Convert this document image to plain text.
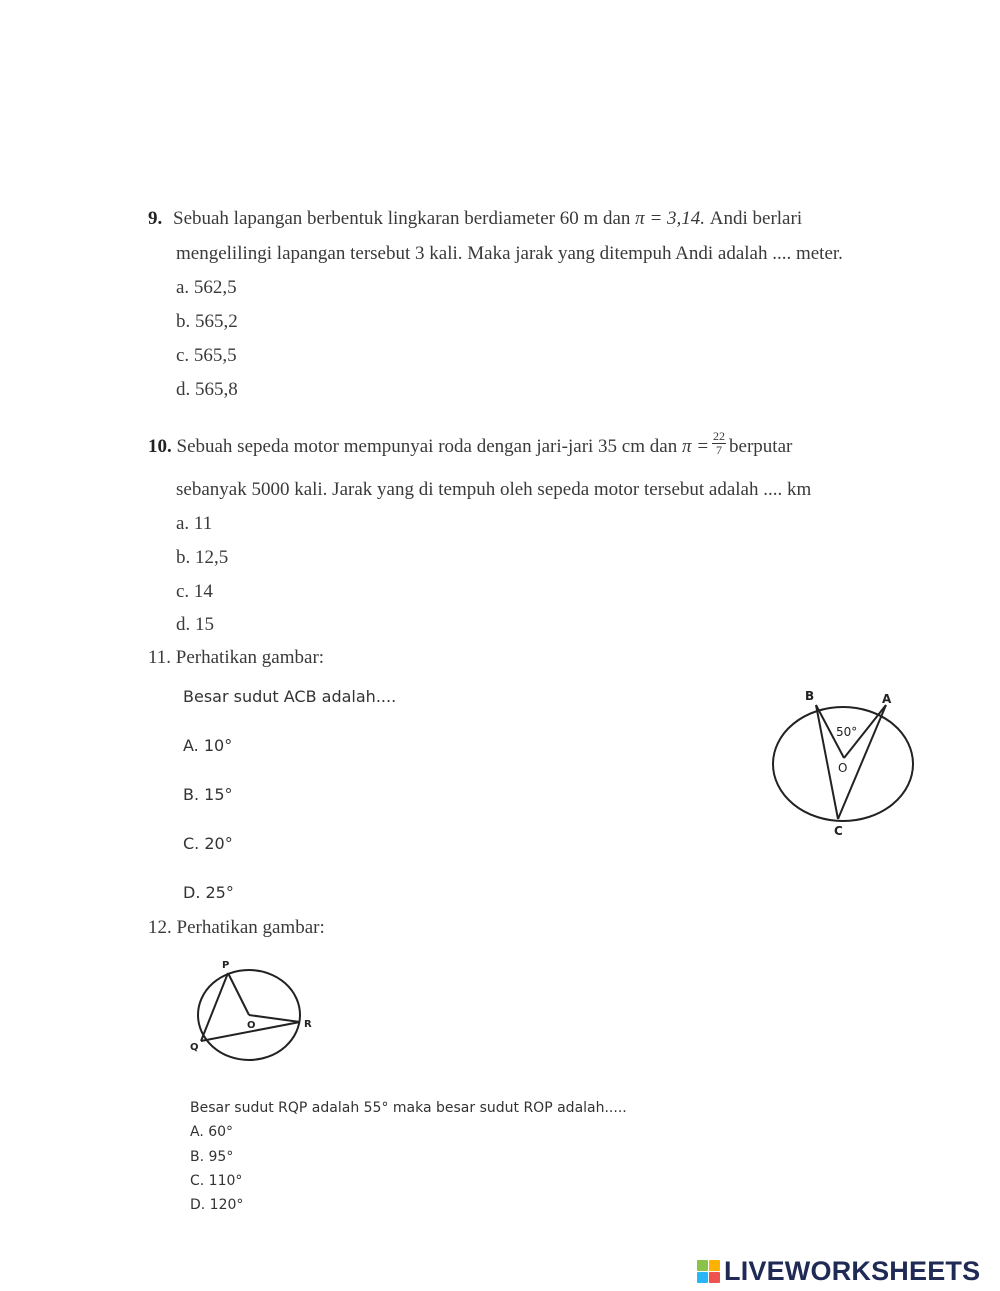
9. Sebuah lapangan berbentuk lingkaran berdiameter 60 m dan π = 3,14. Andi berlari
mengelilingi lapangan tersebut 3 kali. Maka jarak yang ditempuh Andi adalah .... meter.
a. 562,5
b. 565,2
c. 565,5
d. 565,8
10. Sebuah sepeda motor mempunyai roda dengan jari-jari 35 cm dan $\pi = \frac{22}{7}$ berputar
sebanyak 5000 kali. Jarak yang di tempuh oleh sepeda motor tersebut adalah .... km
a. 11
b. 12,5
c. 14
d. 15
11. Perhatikan gambar:
Besar sudut ACB adalah....
A. 10°
B. 15°
C. 20°
D. 25°
B	A
50°
O
C
12. Perhatikan gambar:
P
O	R
Q
Besar sudut RQP adalah 55° maka besar sudut ROP adalah.....
A. 60°
B. 95°
C. 110°
D. 120°
LIVEWORKSHEETS
